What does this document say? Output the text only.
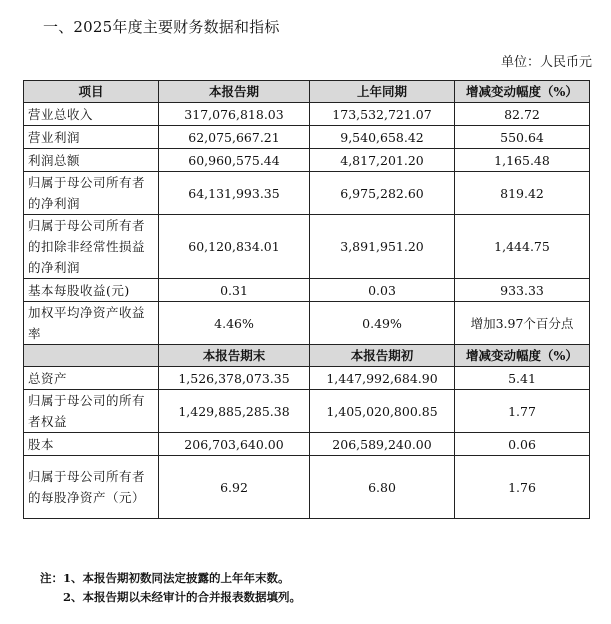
一、2025年度主要财务数据和指标
单位：人民币元
项目	本报告期	上年同期	增减变动幅度（%）
营业总收入	317,076,818.03	173,532,721.07	82.72
营业利润	62,075,667.21	9,540,658.42	550.64
利润总额	60,960,575.44	4,817,201.20	1,165.48
归属于母公司所有者的净利润	64,131,993.35	6,975,282.60	819.42
归属于母公司所有者的扣除非经常性损益的净利润	60,120,834.01	3,891,951.20	1,444.75
基本每股收益(元)	0.31	0.03	933.33
加权平均净资产收益率	4.46%	0.49%	增加3.97个百分点
	本报告期末	本报告期初	增减变动幅度（%）
总资产	1,526,378,073.35	1,447,992,684.90	5.41
归属于母公司的所有者权益	1,429,885,285.38	1,405,020,800.85	1.77
股本	206,703,640.00	206,589,240.00	0.06
归属于母公司所有者的每股净资产（元）	6.92	6.80	1.76
注：1、本报告期初数同法定披露的上年年末数。
2、本报告期以未经审计的合并报表数据填列。
